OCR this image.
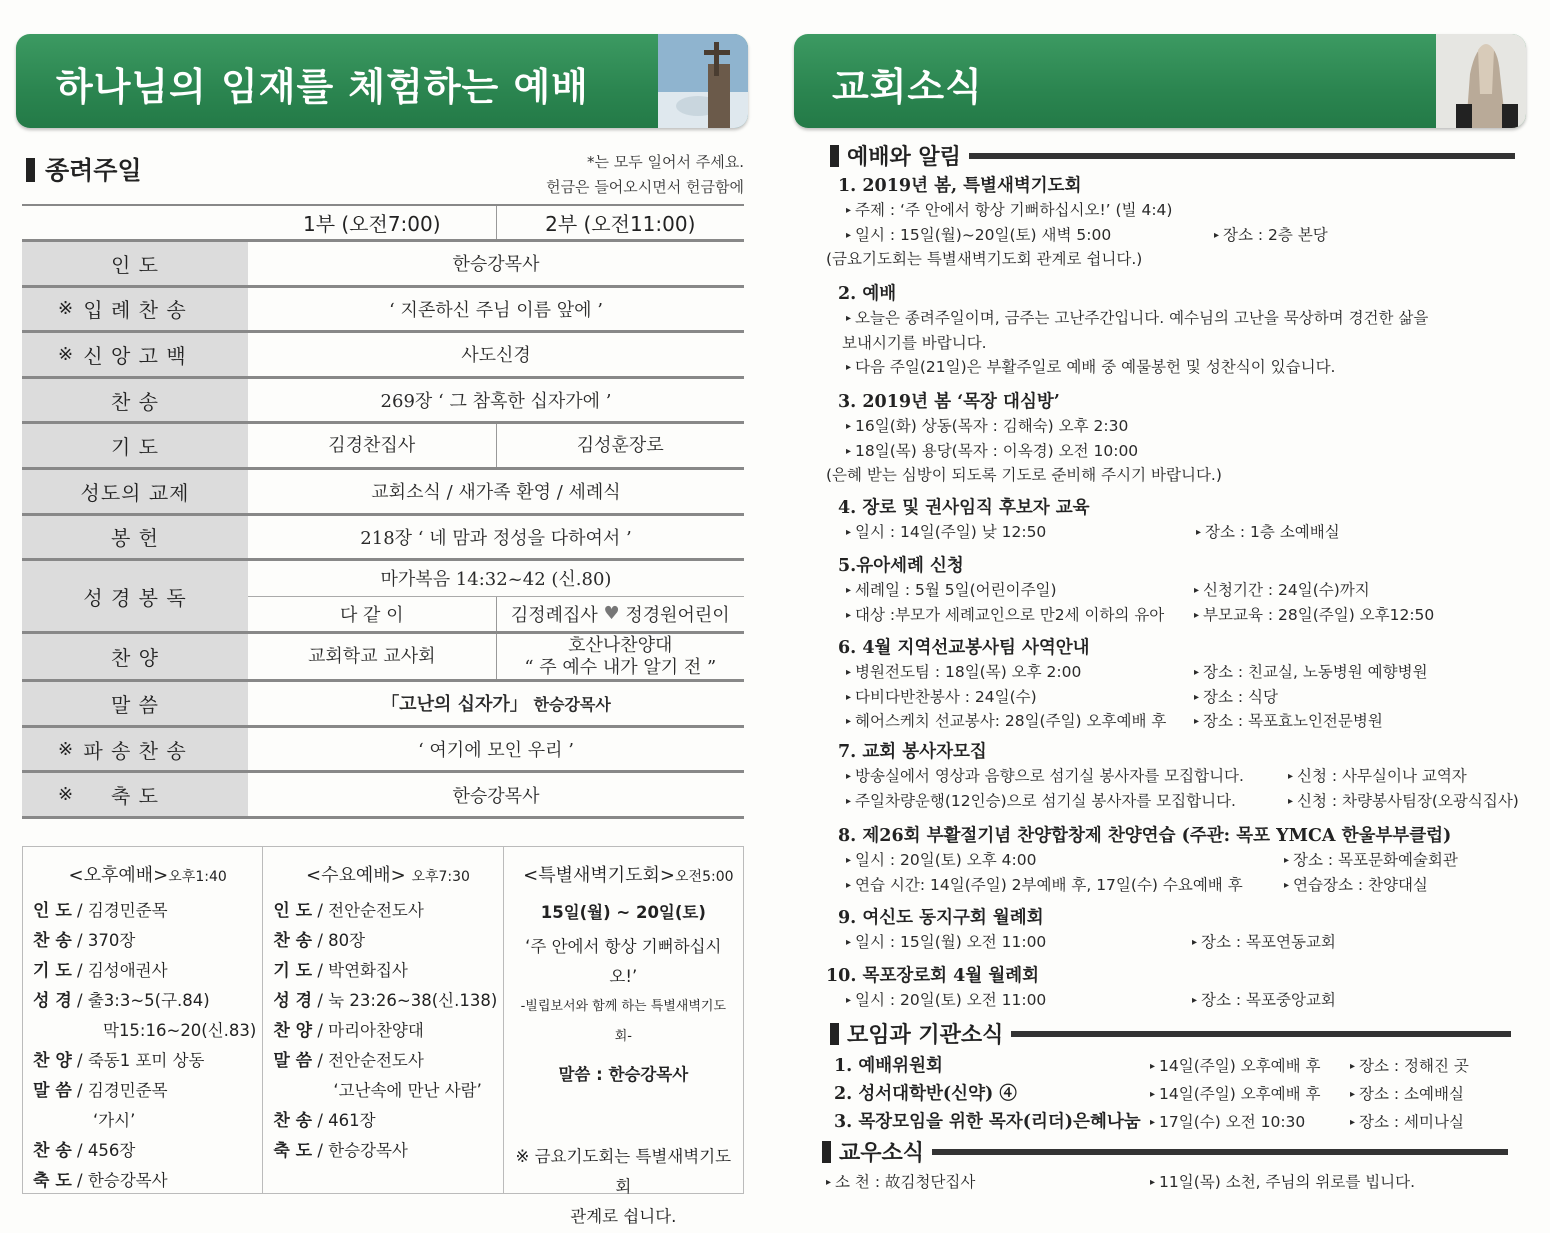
하나님의 임재를 체험하는 예배
종려주일	*는 모두 일어서 주세요.
헌금은 들어오시면서 헌금함에
1부 (오전7:00)	2부 (오전11:00)
인 도	한승강목사
※ 입 례 찬 송	‘ 지존하신 주님 이름 앞에 ’
※ 신 앙 고 백	사도신경
찬 송	269장 ‘ 그 참혹한 십자가에 ’
기 도	김경찬집사	김성훈장로
성도의 교제	교회소식 / 새가족 환영 / 세례식
봉 헌	218장 ‘ 네 맘과 정성을 다하여서 ’
성 경 봉 독
마가복음 14:32~42 (신.80)
다 같 이	김정례집사 ♥ 정경원어린이
찬 양	교회학교 교사회
호산나찬양대
“ 주 예수 내가 알기 전 ”
말 씀	「고난의 십자가」
한승강목사
※ 파 송 찬 송	‘ 여기에 모인 우리 ’
※ 축 도	한승강목사
<오후예배>오후1:40
인 도 / 김경민준목
찬 송 / 370장
기 도 / 김성애권사
성 경 / 출3:3~5(구.84)
막15:16~20(신.83)
찬 양 / 죽동1 포미 상동
말 씀 / 김경민준목
‘가시’
찬 송 / 456장
축 도 / 한승강목사
<수요예배> 오후7:30
인 도 / 전안순전도사
찬 송 / 80장
기 도 / 박연화집사
성 경 / 눅 23:26~38(신.138)
찬 양 / 마리아찬양대
말 씀 / 전안순전도사
‘고난속에 만난 사람’
찬 송 / 461장
축 도 / 한승강목사
<특별새벽기도회>오전5:00
15일(월) ~ 20일(토)
‘주 안에서 항상 기뻐하십시오!’
-빌립보서와 함께 하는 특별새벽기도회-
말씀 : 한승강목사
※ 금요기도회는 특별새벽기도회
관계로 쉽니다.
교회소식
예배와 알림
1. 2019년 봄, 특별새벽기도회
▸ 주제 : ‘주 안에서 항상 기뻐하십시오!’ (빌 4:4)
▸ 일시 : 15일(월)~20일(토) 새벽 5:00	▸ 장소 : 2층 본당
(금요기도회는 특별새벽기도회 관계로 쉽니다.)
2. 예배
▸ 오늘은 종려주일이며, 금주는 고난주간입니다. 예수님의 고난을 묵상하며 경건한 삶을
보내시기를 바랍니다.
▸ 다음 주일(21일)은 부활주일로 예배 중 예물봉헌 및 성찬식이 있습니다.
3. 2019년 봄 ‘목장 대심방’
▸ 16일(화) 상동(목자 : 김해숙) 오후 2:30
▸ 18일(목) 용당(목자 : 이옥경) 오전 10:00
(은혜 받는 심방이 되도록 기도로 준비해 주시기 바랍니다.)
4. 장로 및 권사임직 후보자 교육
▸ 일시 : 14일(주일) 낮 12:50	▸ 장소 : 1층 소예배실
5.유아세례 신청
▸ 세례일 : 5월 5일(어린이주일)	▸ 신청기간 : 24일(수)까지
▸ 대상 :부모가 세례교인으로 만2세 이하의 유아	▸ 부모교육 : 28일(주일) 오후12:50
6. 4월 지역선교봉사팀 사역안내
▸ 병원전도팀 : 18일(목) 오후 2:00	▸ 장소 : 친교실, 노동병원 예향병원
▸ 다비다반찬봉사 : 24일(수)	▸ 장소 : 식당
▸ 헤어스케치 선교봉사: 28일(주일) 오후예배 후	▸ 장소 : 목포효노인전문병원
7. 교회 봉사자모집
▸ 방송실에서 영상과 음향으로 섬기실 봉사자를 모집합니다.	▸ 신청 : 사무실이나 교역자
▸ 주일차량운행(12인승)으로 섬기실 봉사자를 모집합니다.	▸ 신청 : 차량봉사팀장(오광식집사)
8. 제26회 부활절기념 찬양합창제 찬양연습 (주관: 목포 YMCA 한울부부클럽)
▸ 일시 : 20일(토) 오후 4:00	▸ 장소 : 목포문화예술회관
▸ 연습 시간: 14일(주일) 2부예배 후, 17일(수) 수요예배 후	▸ 연습장소 : 찬양대실
9. 여신도 동지구회 월례회
▸ 일시 : 15일(월) 오전 11:00	▸ 장소 : 목포연동교회
10. 목포장로회 4월 월례회
▸ 일시 : 20일(토) 오전 11:00	▸ 장소 : 목포중앙교회
모임과 기관소식
1. 예배위원회	▸ 14일(주일) 오후예배 후	▸ 장소 : 정해진 곳
2. 성서대학반(신약) ④	▸ 14일(주일) 오후예배 후	▸ 장소 : 소예배실
3. 목장모임을 위한 목자(리더)은혜나눔 ▸ 17일(수) 오전 10:30	▸ 장소 : 세미나실
교우소식
▸ 소 천 : 故김청단집사	▸ 11일(목) 소천, 주님의 위로를 빕니다.
